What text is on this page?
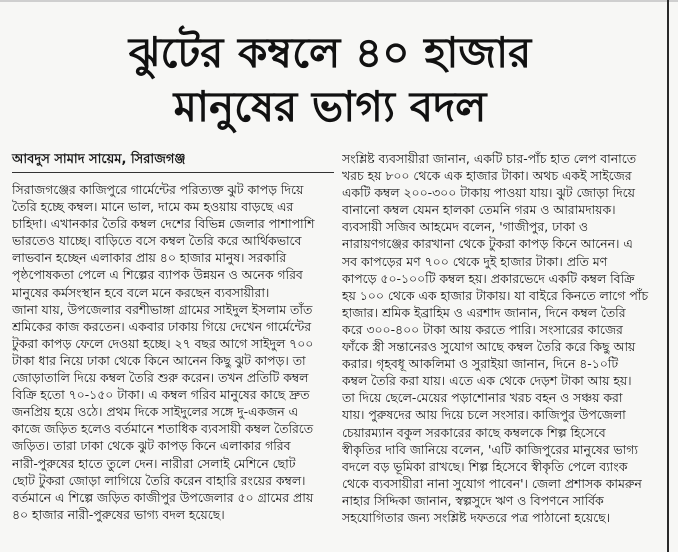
ঝুটের কম্বলে ৪০ হাজার
মানুষের ভাগ্য বদল
আবদুস সামাদ সায়েম, সিরাজগঞ্জ
সিরাজগঞ্জের কাজিপুরে গার্মেন্টের পরিত্যক্ত ঝুট কাপড় দিয়ে
তৈরি হচ্ছে কম্বল। মানে ভাল, দামে কম হওয়ায় বাড়ছে এর
চাহিদা। এখানকার তৈরি কম্বল দেশের বিভিন্ন জেলার পাশাপাশি
ভারতেও যাচ্ছে। বাড়িতে বসে কম্বল তৈরি করে আর্থিকভাবে
লাভবান হচ্ছেন এলাকার প্রায় ৪০ হাজার মানুষ। সরকারি
পৃষ্ঠপোষকতা পেলে এ শিল্পের ব্যাপক উন্নয়ন ও অনেক গরিব
মানুষের কর্মসংস্থান হবে বলে মনে করছেন ব্যবসায়ীরা।
জানা যায়, উপজেলার বরশীভাঙ্গা গ্রামের সাইদুল ইসলাম তাঁত
শ্রমিকের কাজ করতেন। একবার ঢাকায় গিয়ে দেখেন গার্মেন্টের
টুকরা কাপড় ফেলে দেওয়া হচ্ছে। ২৭ বছর আগে সাইদুল ৭০০
টাকা ধার নিয়ে ঢাকা থেকে কিনে আনেন কিছু ঝুট কাপড়। তা
জোড়াতালি দিয়ে কম্বল তৈরি শুরু করেন। তখন প্রতিটি কম্বল
বিক্রি হতো ৭০-১৫০ টাকা। এ কম্বল গরিব মানুষের কাছে দ্রুত
জনপ্রিয় হয়ে ওঠে। প্রথম দিকে সাইদুলের সঙ্গে দু-একজন এ
কাজে জড়িত হলেও বর্তমানে শতাধিক ব্যবসায়ী কম্বল তৈরিতে
জড়িত। তারা ঢাকা থেকে ঝুট কাপড় কিনে এলাকার গরিব
নারী-পুরুষের হাতে তুলে দেন। নারীরা সেলাই মেশিনে ছোট
ছোট টুকরা জোড়া লাগিয়ে তৈরি করেন বাহারি রংয়ের কম্বল।
বর্তমানে এ শিল্পে জড়িত কাজীপুর উপজেলার ৫০ গ্রামের প্রায়
৪০ হাজার নারী-পুরুষের ভাগ্য বদল হয়েছে।
সংশ্লিষ্ট ব্যবসায়ীরা জানান, একটি চার-পাঁচ হাত লেপ বানাতে
খরচ হয় ৮০০ থেকে এক হাজার টাকা। অথচ একই সাইজের
একটি কম্বল ২০০-৩০০ টাকায় পাওয়া যায়। ঝুট জোড়া দিয়ে
বানানো কম্বল যেমন হালকা তেমনি গরম ও আরামদায়ক।
ব্যবসায়ী সজিব আহমেদ বলেন, 'গাজীপুর, ঢাকা ও
নারায়ণগঞ্জের কারখানা থেকে টুকরা কাপড় কিনে আনেন। এ
সব কাপড়ের মণ ৭০০ থেকে দুই হাজার টাকা। প্রতি মণ
কাপড়ে ৫০-১০০টি কম্বল হয়। প্রকারভেদে একটি কম্বল বিক্রি
হয় ১০০ থেকে এক হাজার টাকায়। যা বাইরে কিনতে লাগে পাঁচ
হাজার। শ্রমিক ইব্রাহিম ও এরশাদ জানান, দিনে কম্বল তৈরি
করে ৩০০-৪০০ টাকা আয় করতে পারি। সংসারের কাজের
ফাঁকে স্ত্রী সন্তানেরও সুযোগ আছে কম্বল তৈরি করে কিছু আয়
করার। গৃহবধূ আকলিমা ও সুরাইয়া জানান, দিনে ৪-১০টি
কম্বল তৈরি করা যায়। এতে এক থেকে দেড়শ টাকা আয় হয়।
তা দিয়ে ছেলে-মেয়ের পড়াশোনার খরচ বহন ও সঞ্চয় করা
যায়। পুরুষদের আয় দিয়ে চলে সংসার। কাজিপুর উপজেলা
চেয়ারম্যান বকুল সরকারের কাছে কম্বলকে শিল্প হিসেবে
স্বীকৃতির দাবি জানিয়ে বলেন, 'এটি কাজিপুরের মানুষের ভাগ্য
বদলে বড় ভূমিকা রাখছে। শিল্প হিসেবে স্বীকৃতি পেলে ব্যাংক
থেকে ব্যবসায়ীরা নানা সুযোগ পাবেন'। জেলা প্রশাসক কামরুন
নাহার সিদ্দিকা জানান, স্বল্পসুদে ঋণ ও বিপণনে সার্বিক
সহযোগিতার জন্য সংশ্লিষ্ট দফতরে পত্র পাঠানো হয়েছে।
